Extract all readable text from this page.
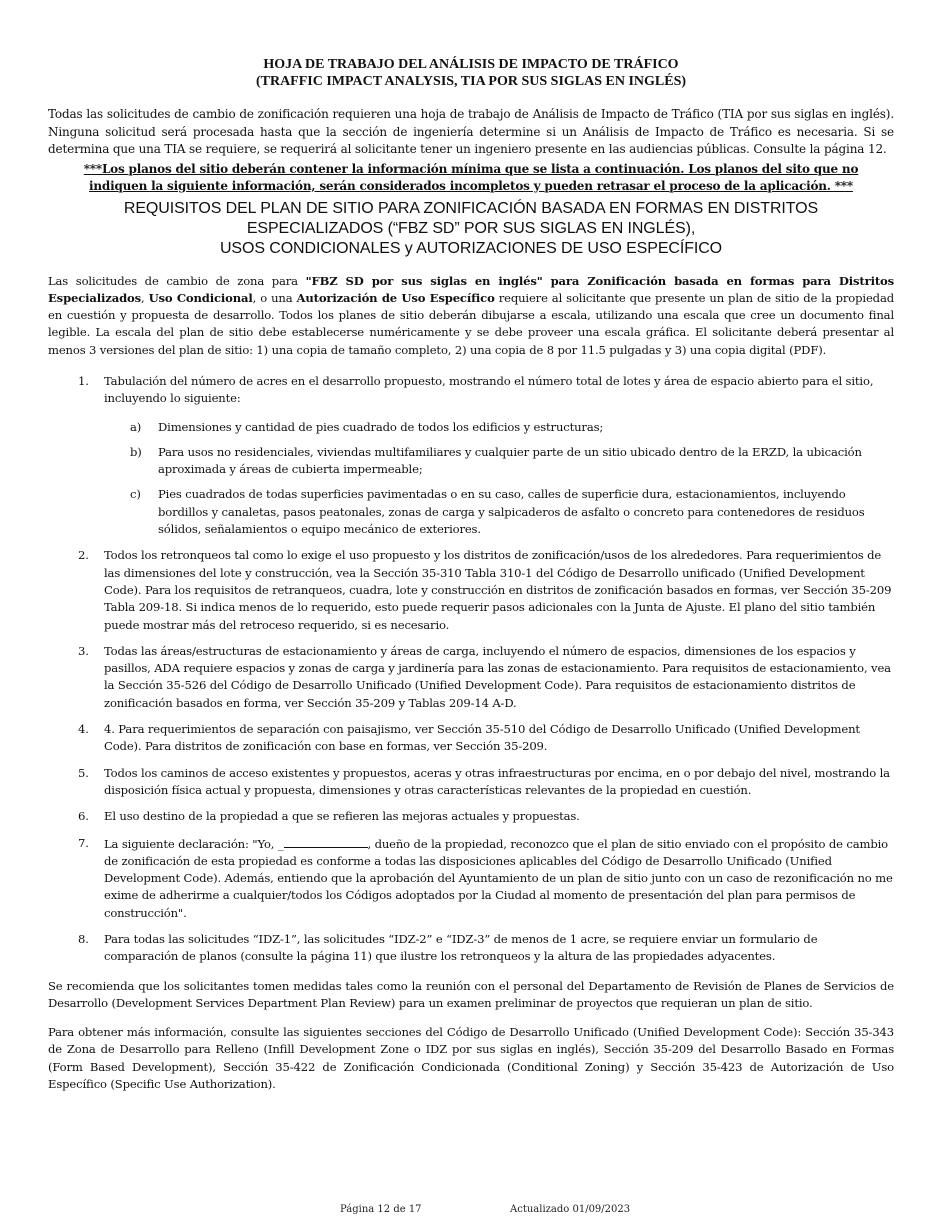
HOJA DE TRABAJO DEL ANÁLISIS DE IMPACTO DE TRÁFICO

(TRAFFIC IMPACT ANALYSIS, TIA POR SUS SIGLAS EN INGLÉS)

Todas las solicitudes de cambio de zonificación requieren una hoja de trabajo de Análisis de Impacto de Tráfico (TIA por sus siglas en inglés). Ninguna solicitud será procesada hasta que la sección de ingeniería determine si un Análisis de Impacto de Tráfico es necesaria. Si se determina que una TIA se requiere, se requerirá al solicitante tener un ingeniero presente en las audiencias públicas. Consulte la página 12.

***Los planos del sitio deberán contener la información mínima que se lista a continuación. Los planos del sito que no indiquen la siguiente información, serán considerados incompletos y pueden retrasar el proceso de la aplicación. ***

REQUISITOS DEL PLAN DE SITIO PARA ZONIFICACIÓN BASADA EN FORMAS EN DISTRITOS

ESPECIALIZADOS (“FBZ SD” POR SUS SIGLAS EN INGLÉS),

USOS CONDICIONALES y AUTORIZACIONES DE USO ESPECÍFICO

Las solicitudes de cambio de zona para "FBZ SD por sus siglas en inglés" para Zonificación basada en formas para Distritos Especializados, Uso Condicional, o una Autorización de Uso Específico requiere al solicitante que presente un plan de sitio de la propiedad en cuestión y propuesta de desarrollo. Todos los planes de sitio deberán dibujarse a escala, utilizando una escala que cree un documento final legible. La escala del plan de sitio debe establecerse numéricamente y se debe proveer una escala gráfica. El solicitante deberá presentar al menos 3 versiones del plan de sitio: 1) una copia de tamaño completo, 2) una copia de 8 por 11.5 pulgadas y 3) una copia digital (PDF).

1. Tabulación del número de acres en el desarrollo propuesto, mostrando el número total de lotes y área de espacio abierto para el sitio, incluyendo lo siguiente:
a) Dimensiones y cantidad de pies cuadrado de todos los edificios y estructuras;
b) Para usos no residenciales, viviendas multifamiliares y cualquier parte de un sitio ubicado dentro de la ERZD, la ubicación aproximada y áreas de cubierta impermeable;
c) Pies cuadrados de todas superficies pavimentadas o en su caso, calles de superficie dura, estacionamientos, incluyendo bordillos y canaletas, pasos peatonales, zonas de carga y salpicaderos de asfalto o concreto para contenedores de residuos sólidos, señalamientos o equipo mecánico de exteriores.
2. Todos los retronqueos tal como lo exige el uso propuesto y los distritos de zonificación/usos de los alrededores. Para requerimientos de las dimensiones del lote y construcción, vea la Sección 35-310 Tabla 310-1 del Código de Desarrollo unificado (Unified Development Code). Para los requisitos de retranqueos, cuadra, lote y construcción en distritos de zonificación basados en formas, ver Sección 35-209 Tabla 209-18. Si indica menos de lo requerido, esto puede requerir pasos adicionales con la Junta de Ajuste. El plano del sitio también puede mostrar más del retroceso requerido, si es necesario.
3. Todas las áreas/estructuras de estacionamiento y áreas de carga, incluyendo el número de espacios, dimensiones de los espacios y pasillos, ADA requiere espacios y zonas de carga y jardinería para las zonas de estacionamiento. Para requisitos de estacionamiento, vea la Sección 35-526 del Código de Desarrollo Unificado (Unified Development Code). Para requisitos de estacionamiento distritos de zonificación basados en forma, ver Sección 35-209 y Tablas 209-14 A-D.
4. 4. Para requerimientos de separación con paisajismo, ver Sección 35-510 del Código de Desarrollo Unificado (Unified Development Code). Para distritos de zonificación con base en formas, ver Sección 35-209.
5. Todos los caminos de acceso existentes y propuestos, aceras y otras infraestructuras por encima, en o por debajo del nivel, mostrando la disposición física actual y propuesta, dimensiones y otras características relevantes de la propiedad en cuestión.
6. El uso destino de la propiedad a que se refieren las mejoras actuales y propuestas.
7. La siguiente declaración: "Yo, _	, dueño de la propiedad, reconozco que el plan de sitio enviado con el propósito de cambio de zonificación de esta propiedad es conforme a todas las disposiciones aplicables del Código de Desarrollo Unificado (Unified Development Code). Además, entiendo que la aprobación del Ayuntamiento de un plan de sitio junto con un caso de rezonificación no me exime de adherirme a cualquier/todos los Códigos adoptados por la Ciudad al momento de presentación del plan para permisos de construcción".
8. Para todas las solicitudes “IDZ-1”, las solicitudes “IDZ-2” e “IDZ-3” de menos de 1 acre, se requiere enviar un formulario de comparación de planos (consulte la página 11) que ilustre los retronqueos y la altura de las propiedades adyacentes.

Se recomienda que los solicitantes tomen medidas tales como la reunión con el personal del Departamento de Revisión de Planes de Servicios de Desarrollo (Development Services Department Plan Review) para un examen preliminar de proyectos que requieran un plan de sitio.

Para obtener más información, consulte las siguientes secciones del Código de Desarrollo Unificado (Unified Development Code): Sección 35-343 de Zona de Desarrollo para Relleno (Infill Development Zone o IDZ por sus siglas en inglés), Sección 35-209 del Desarrollo Basado en Formas (Form Based Development), Sección 35-422 de Zonificación Condicionada (Conditional Zoning) y Sección 35-423 de Autorización de Uso Específico (Specific Use Authorization).

Página 12 de 17	Actualizado 01/09/2023
